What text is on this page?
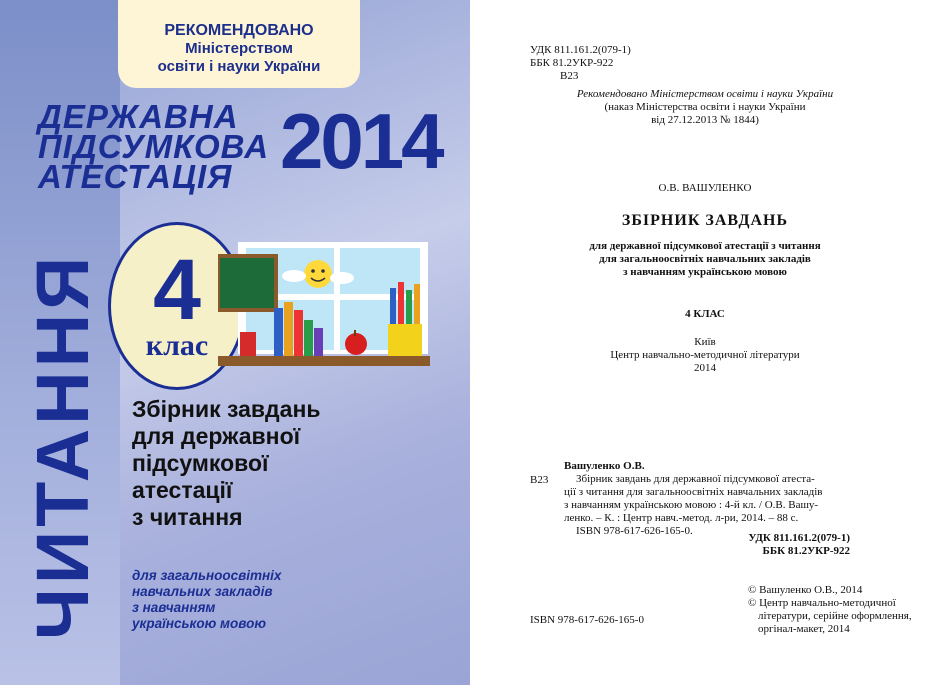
РЕКОМЕНДОВАНО
Міністерством
освіти і науки України
ДЕРЖАВНА
ПІДСУМКОВА
АТЕСТАЦІЯ 2014
ЧИТАННЯ 4
клас
Збірник завдань
для державної
підсумкової
атестації
з читання
для загальноосвітніх
навчальних закладів
з навчанням
українською мовою
УДК 811.161.2(079-1)
ББК 81.2УКР-922
В23
Рекомендовано Міністерством освіти і науки України
(наказ Міністерства освіти і науки України
від 27.12.2013 № 1844)
О.В. ВАШУЛЕНКО
ЗБІРНИК ЗАВДАНЬ
для державної підсумкової атестації з читання
для загальноосвітніх навчальних закладів
з навчанням українською мовою
4 КЛАС
Київ
Центр навчально-методичної літератури
2014
В23
Вашуленко О.В.
Збірник завдань для державної підсумкової атеста-
ції з читання для загальноосвітніх навчальних закладів
з навчанням українською мовою : 4-й кл. / О.В. Вашу-
ленко. – К. : Центр навч.-метод. л-ри, 2014. – 88 с.
ISBN 978-617-626-165-0.
УДК 811.161.2(079-1)
ББК 81.2УКР-922
ISBN 978-617-626-165-0
© Вашуленко О.В., 2014
© Центр навчально-методичної
літератури, серійне оформлення,
оргінал-макет, 2014
